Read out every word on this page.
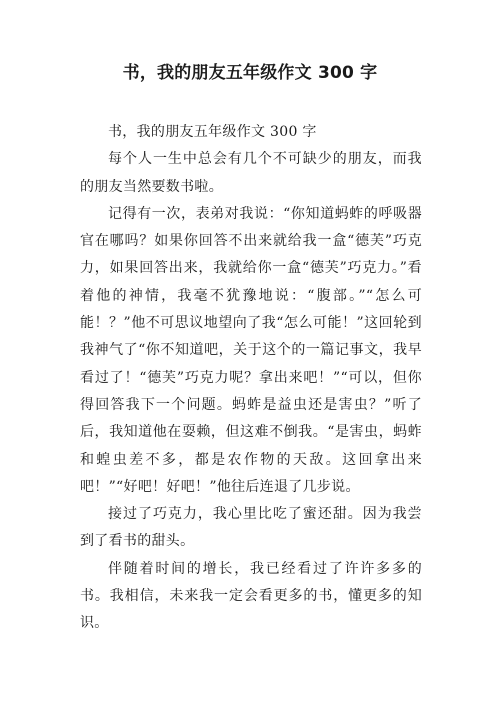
书，我的朋友五年级作文 300 字

书，我的朋友五年级作文 300 字

每个人一生中总会有几个不可缺少的朋友，而我的朋友当然要数书啦。

记得有一次，表弟对我说：“你知道蚂蚱的呼吸器官在哪吗？如果你回答不出来就给我一盒“德芙”巧克力，如果回答出来，我就给你一盒“德芙”巧克力。”看着他的神情，我毫不犹豫地说：“腹部。”“怎么可能！？”他不可思议地望向了我“怎么可能！”这回轮到我神气了“你不知道吧，关于这个的一篇记事文，我早看过了！“德芙”巧克力呢？拿出来吧！”“可以，但你得回答我下一个问题。蚂蚱是益虫还是害虫？”听了后，我知道他在耍赖，但这难不倒我。“是害虫，蚂蚱和蝗虫差不多，都是农作物的天敌。这回拿出来吧！”“好吧！好吧！”他往后连退了几步说。

接过了巧克力，我心里比吃了蜜还甜。因为我尝到了看书的甜头。

伴随着时间的增长，我已经看过了许许多多的书。我相信，未来我一定会看更多的书，懂更多的知识。
